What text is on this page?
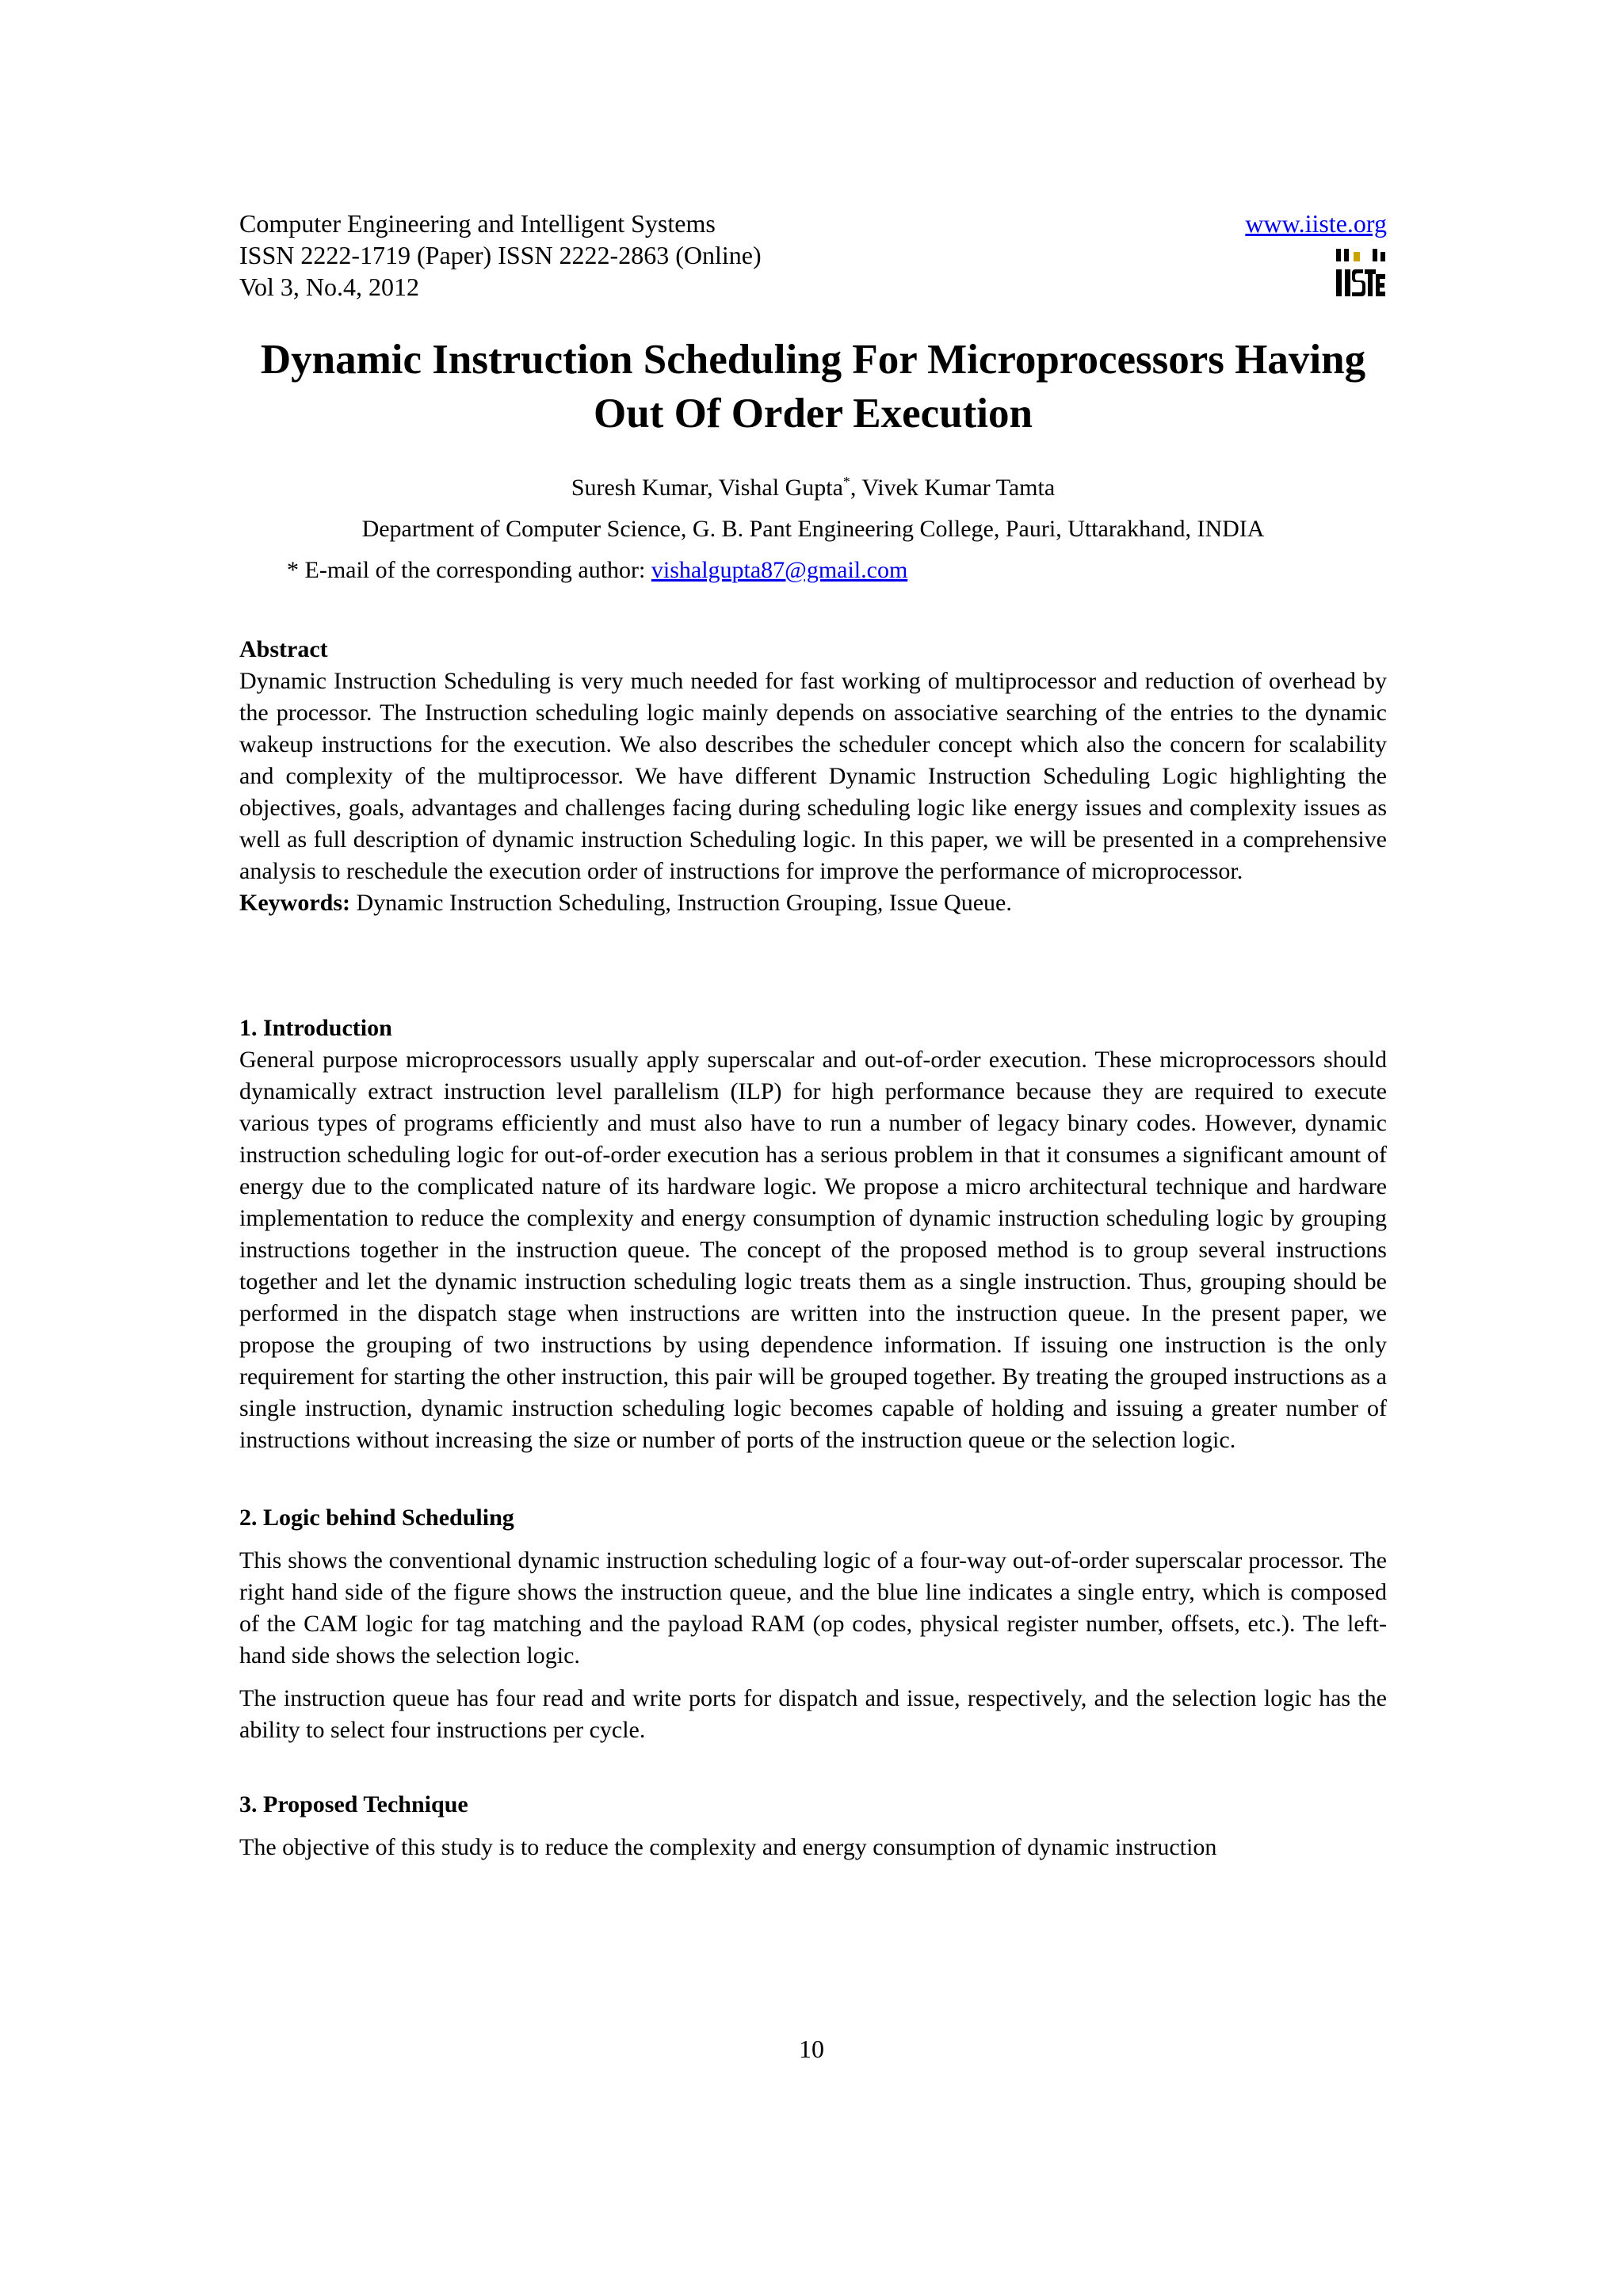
Computer Engineering and Intelligent Systems
ISSN 2222-1719 (Paper) ISSN 2222-2863 (Online)
Vol 3, No.4, 2012
www.iiste.org
Dynamic Instruction Scheduling For Microprocessors Having
Out Of Order Execution
Suresh Kumar, Vishal Gupta*, Vivek Kumar Tamta
Department of Computer Science, G. B. Pant Engineering College, Pauri, Uttarakhand, INDIA
* E-mail of the corresponding author: vishalgupta87@gmail.com
Abstract
Dynamic Instruction Scheduling is very much needed for fast working of multiprocessor and reduction of overhead by the processor. The Instruction scheduling logic mainly depends on associative searching of the entries to the dynamic wakeup instructions for the execution. We also describes the scheduler concept which also the concern for scalability and complexity of the multiprocessor. We have different Dynamic Instruction Scheduling Logic highlighting the objectives, goals, advantages and challenges facing during scheduling logic like energy issues and complexity issues as well as full description of dynamic instruction Scheduling logic. In this paper, we will be presented in a comprehensive analysis to reschedule the execution order of instructions for improve the performance of microprocessor.
Keywords: Dynamic Instruction Scheduling, Instruction Grouping, Issue Queue.
1. Introduction
General purpose microprocessors usually apply superscalar and out-of-order execution. These microprocessors should dynamically extract instruction level parallelism (ILP) for high performance because they are required to execute various types of programs efficiently and must also have to run a number of legacy binary codes. However, dynamic instruction scheduling logic for out-of-order execution has a serious problem in that it consumes a significant amount of energy due to the complicated nature of its hardware logic. We propose a micro architectural technique and hardware implementation to reduce the complexity and energy consumption of dynamic instruction scheduling logic by grouping instructions together in the instruction queue. The concept of the proposed method is to group several instructions together and let the dynamic instruction scheduling logic treats them as a single instruction. Thus, grouping should be performed in the dispatch stage when instructions are written into the instruction queue. In the present paper, we propose the grouping of two instructions by using dependence information. If issuing one instruction is the only requirement for starting the other instruction, this pair will be grouped together. By treating the grouped instructions as a single instruction, dynamic instruction scheduling logic becomes capable of holding and issuing a greater number of instructions without increasing the size or number of ports of the instruction queue or the selection logic.
2. Logic behind Scheduling
This shows the conventional dynamic instruction scheduling logic of a four-way out-of-order superscalar processor. The right hand side of the figure shows the instruction queue, and the blue line indicates a single entry, which is composed of the CAM logic for tag matching and the payload RAM (op codes, physical register number, offsets, etc.). The left-hand side shows the selection logic.
The instruction queue has four read and write ports for dispatch and issue, respectively, and the selection logic has the ability to select four instructions per cycle.
3. Proposed Technique
The objective of this study is to reduce the complexity and energy consumption of dynamic instruction
10
